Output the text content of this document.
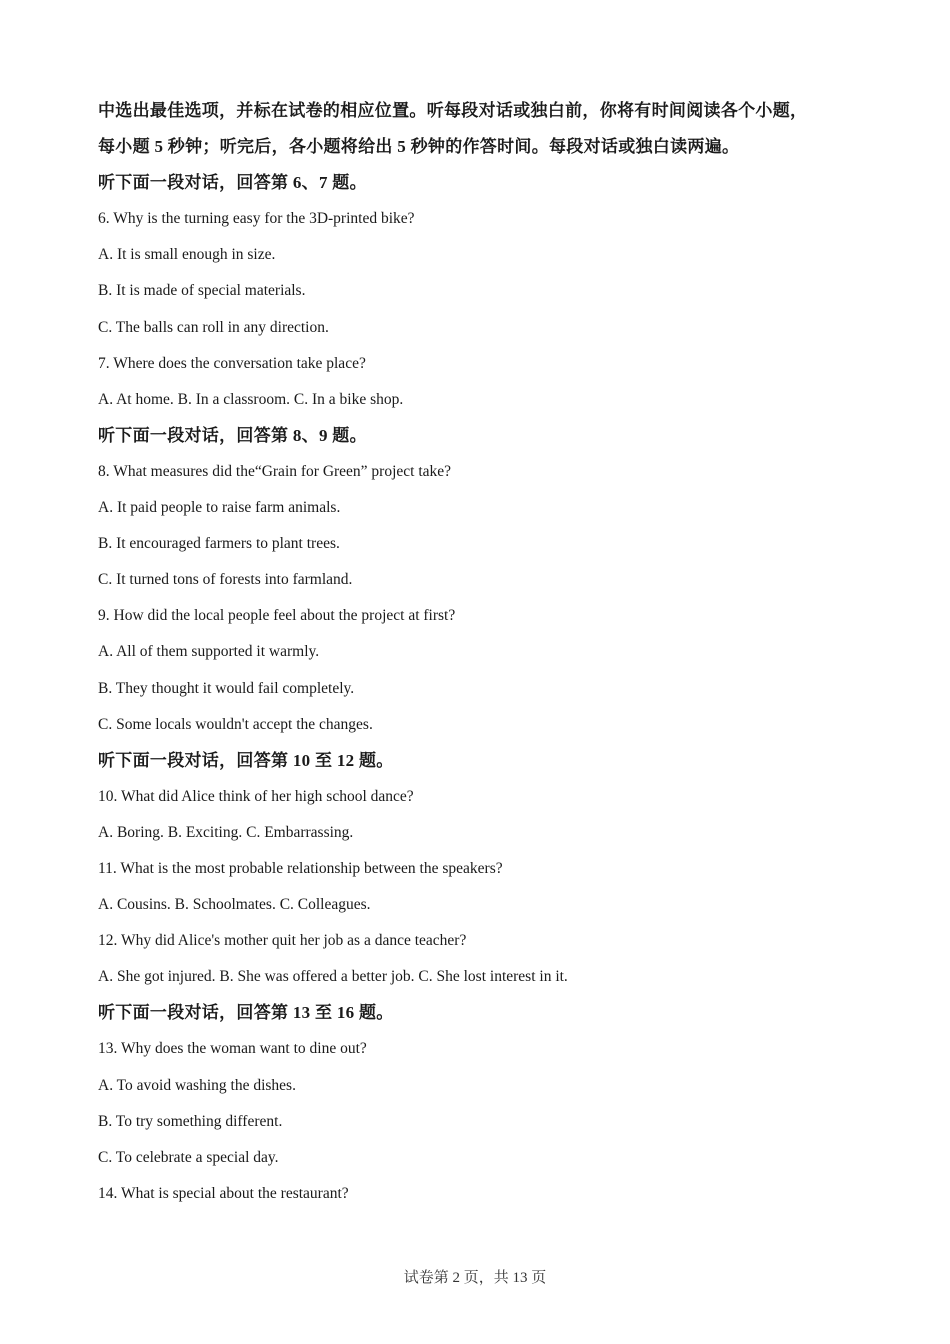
中选出最佳选项，并标在试卷的相应位置。听每段对话或独白前，你将有时间阅读各个小题，
每小题 5 秒钟；听完后，各小题将给出 5 秒钟的作答时间。每段对话或独白读两遍。
听下面一段对话，回答第 6、7 题。
6. Why is the turning easy for the 3D-printed bike?
A. It is small enough in size.
B. It is made of special materials.
C. The balls can roll in any direction.
7. Where does the conversation take place?
A. At home. B. In a classroom. C. In a bike shop.
听下面一段对话，回答第 8、9 题。
8. What measures did the“Grain for Green” project take?
A. It paid people to raise farm animals.
B. It encouraged farmers to plant trees.
C. It turned tons of forests into farmland.
9. How did the local people feel about the project at first?
A. All of them supported it warmly.
B. They thought it would fail completely.
C. Some locals wouldn't accept the changes.
听下面一段对话，回答第 10 至 12 题。
10. What did Alice think of her high school dance?
A. Boring. B. Exciting. C. Embarrassing.
11. What is the most probable relationship between the speakers?
A. Cousins. B. Schoolmates. C. Colleagues.
12. Why did Alice's mother quit her job as a dance teacher?
A. She got injured. B. She was offered a better job. C. She lost interest in it.
听下面一段对话，回答第 13 至 16 题。
13. Why does the woman want to dine out?
A. To avoid washing the dishes.
B. To try something different.
C. To celebrate a special day.
14. What is special about the restaurant?
试卷第 2 页，共 13 页
